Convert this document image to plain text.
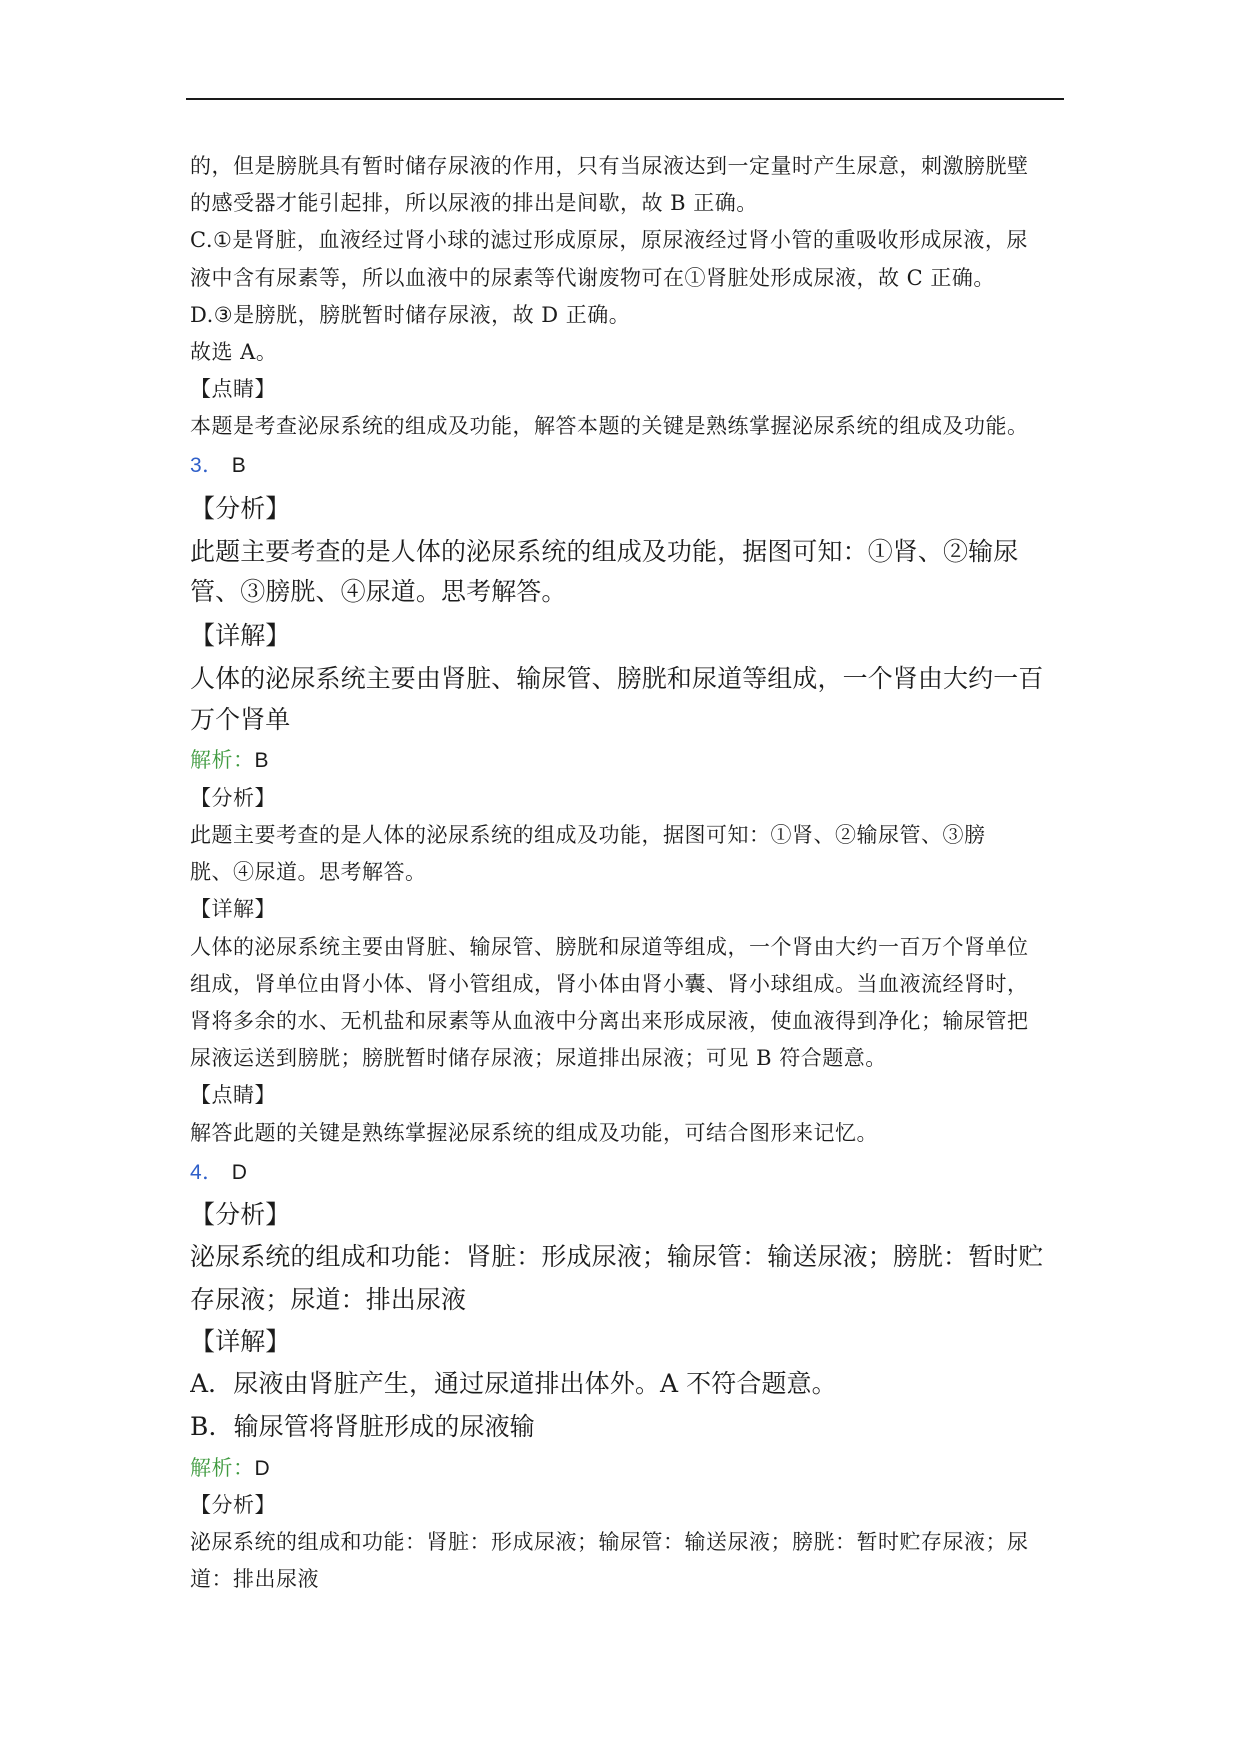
的，但是膀胱具有暂时储存尿液的作用，只有当尿液达到一定量时产生尿意，刺激膀胱壁
的感受器才能引起排，所以尿液的排出是间歇，故 B 正确。
C.①是肾脏，血液经过肾小球的滤过形成原尿，原尿液经过肾小管的重吸收形成尿液，尿
液中含有尿素等，所以血液中的尿素等代谢废物可在①肾脏处形成尿液，故 C 正确。
D.③是膀胱，膀胱暂时储存尿液，故 D 正确。
故选 A。
【点睛】
本题是考查泌尿系统的组成及功能，解答本题的关键是熟练掌握泌尿系统的组成及功能。
3． B
【分析】
此题主要考查的是人体的泌尿系统的组成及功能，据图可知：①肾、②输尿
管、③膀胱、④尿道。思考解答。
【详解】
人体的泌尿系统主要由肾脏、输尿管、膀胱和尿道等组成，一个肾由大约一百
万个肾单
解析：B
【分析】
此题主要考查的是人体的泌尿系统的组成及功能，据图可知：①肾、②输尿管、③膀
胱、④尿道。思考解答。
【详解】
人体的泌尿系统主要由肾脏、输尿管、膀胱和尿道等组成，一个肾由大约一百万个肾单位
组成，肾单位由肾小体、肾小管组成，肾小体由肾小囊、肾小球组成。当血液流经肾时，
肾将多余的水、无机盐和尿素等从血液中分离出来形成尿液，使血液得到净化；输尿管把
尿液运送到膀胱；膀胱暂时储存尿液；尿道排出尿液；可见 B 符合题意。
【点睛】
解答此题的关键是熟练掌握泌尿系统的组成及功能，可结合图形来记忆。
4． D
【分析】
泌尿系统的组成和功能：肾脏：形成尿液；输尿管：输送尿液；膀胱：暂时贮
存尿液；尿道：排出尿液
【详解】
A．尿液由肾脏产生，通过尿道排出体外。A 不符合题意。
B．输尿管将肾脏形成的尿液输
解析：D
【分析】
泌尿系统的组成和功能：肾脏：形成尿液；输尿管：输送尿液；膀胱：暂时贮存尿液；尿
道：排出尿液
